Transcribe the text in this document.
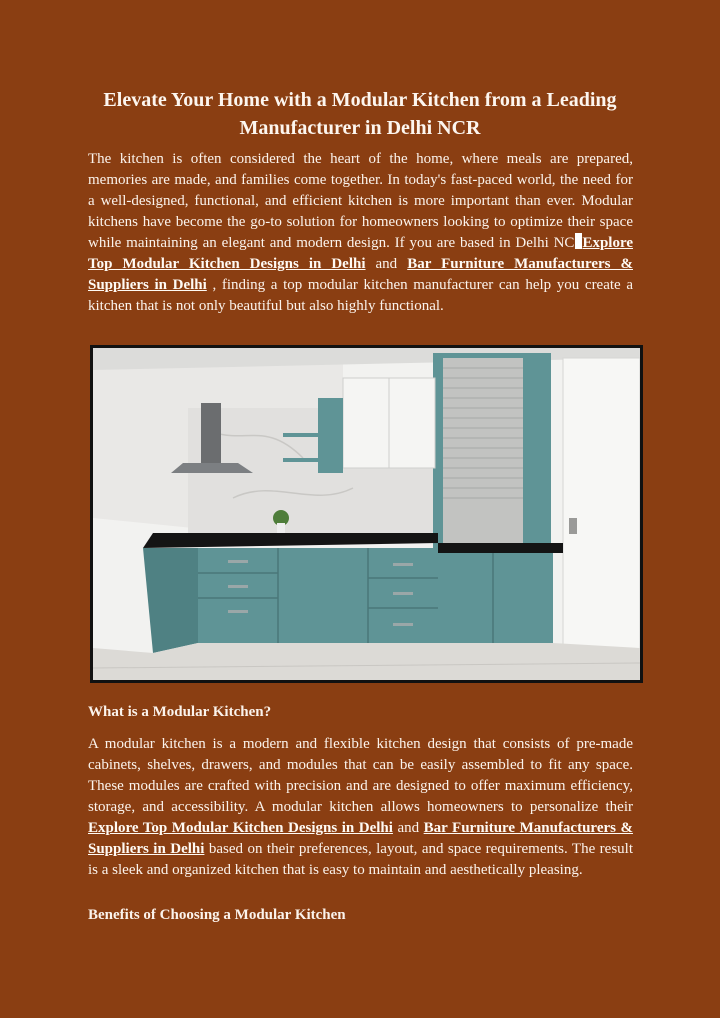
Elevate Your Home with a Modular Kitchen from a Leading Manufacturer in Delhi NCR

The kitchen is often considered the heart of the home, where meals are prepared, memories are made, and families come together. In today's fast-paced world, the need for a well-designed, functional, and efficient kitchen is more important than ever. Modular kitchens have become the go-to solution for homeowners looking to optimize their space while maintaining an elegant and modern design. If you are based in Delhi NC Explore Top Modular Kitchen Designs in Delhi and Bar Furniture Manufacturers & Suppliers in Delhi , finding a top modular kitchen manufacturer can help you create a kitchen that is not only beautiful but also highly functional.

What is a Modular Kitchen?

A modular kitchen is a modern and flexible kitchen design that consists of pre-made cabinets, shelves, drawers, and modules that can be easily assembled to fit any space. These modules are crafted with precision and are designed to offer maximum efficiency, storage, and accessibility. A modular kitchen allows homeowners to personalize their Explore Top Modular Kitchen Designs in Delhi and Bar Furniture Manufacturers & Suppliers in Delhi based on their preferences, layout, and space requirements. The result is a sleek and organized kitchen that is easy to maintain and aesthetically pleasing.

Benefits of Choosing a Modular Kitchen
